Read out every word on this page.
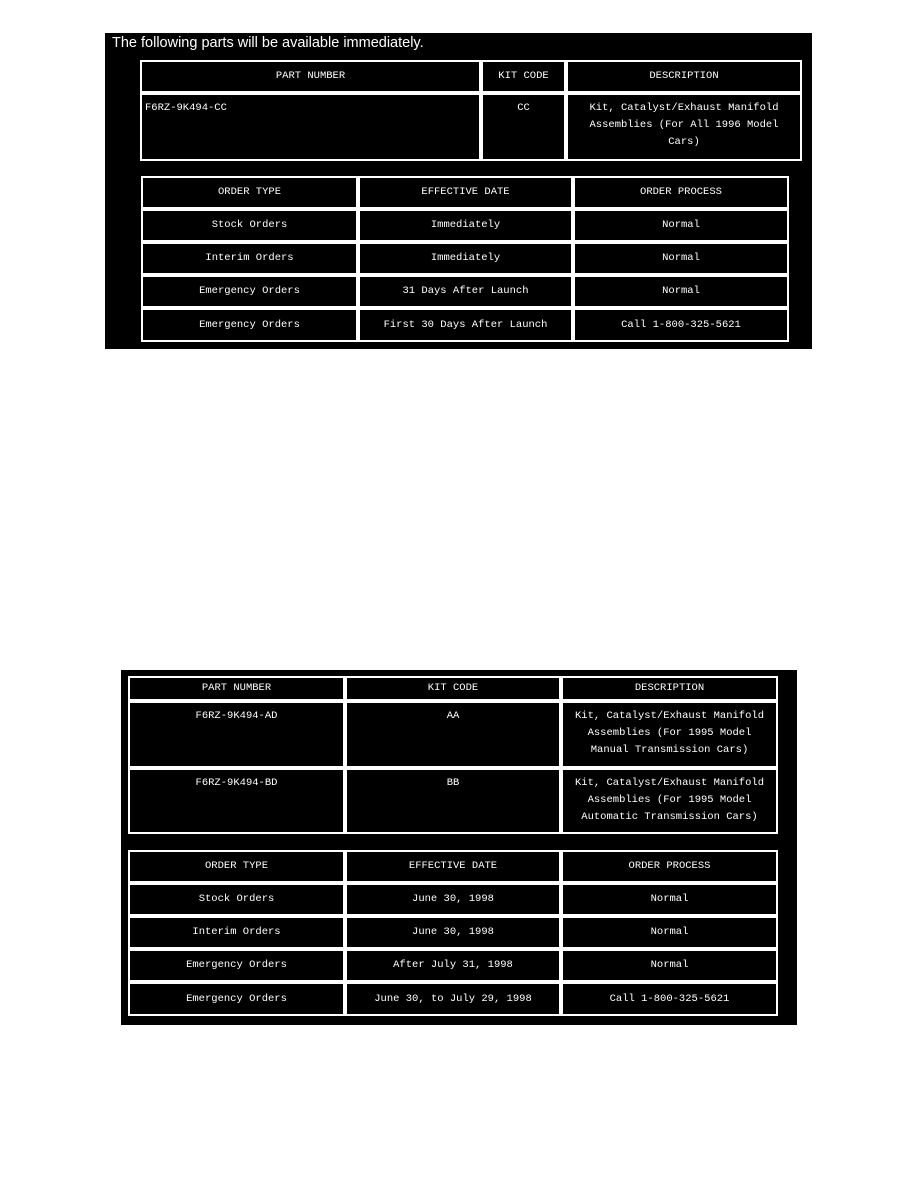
The following parts will be available immediately.
PART NUMBER	KIT CODE	DESCRIPTION
F6RZ-9K494-CC	CC	Kit, Catalyst/Exhaust Manifold
Assemblies (For All 1996 Model
Cars)
ORDER TYPE	EFFECTIVE DATE	ORDER PROCESS
Stock Orders	Immediately	Normal
Interim Orders	Immediately	Normal
Emergency Orders	31 Days After Launch	Normal
Emergency Orders	First 30 Days After Launch	Call 1-800-325-5621
PART NUMBER	KIT CODE	DESCRIPTION
F6RZ-9K494-AD	AA	Kit, Catalyst/Exhaust Manifold
Assemblies (For 1995 Model
Manual Transmission Cars)
F6RZ-9K494-BD	BB	Kit, Catalyst/Exhaust Manifold
Assemblies (For 1995 Model
Automatic Transmission Cars)
ORDER TYPE	EFFECTIVE DATE	ORDER PROCESS
Stock Orders	June 30, 1998	Normal
Interim Orders	June 30, 1998	Normal
Emergency Orders	After July 31, 1998	Normal
Emergency Orders	June 30, to July 29, 1998	Call 1-800-325-5621
